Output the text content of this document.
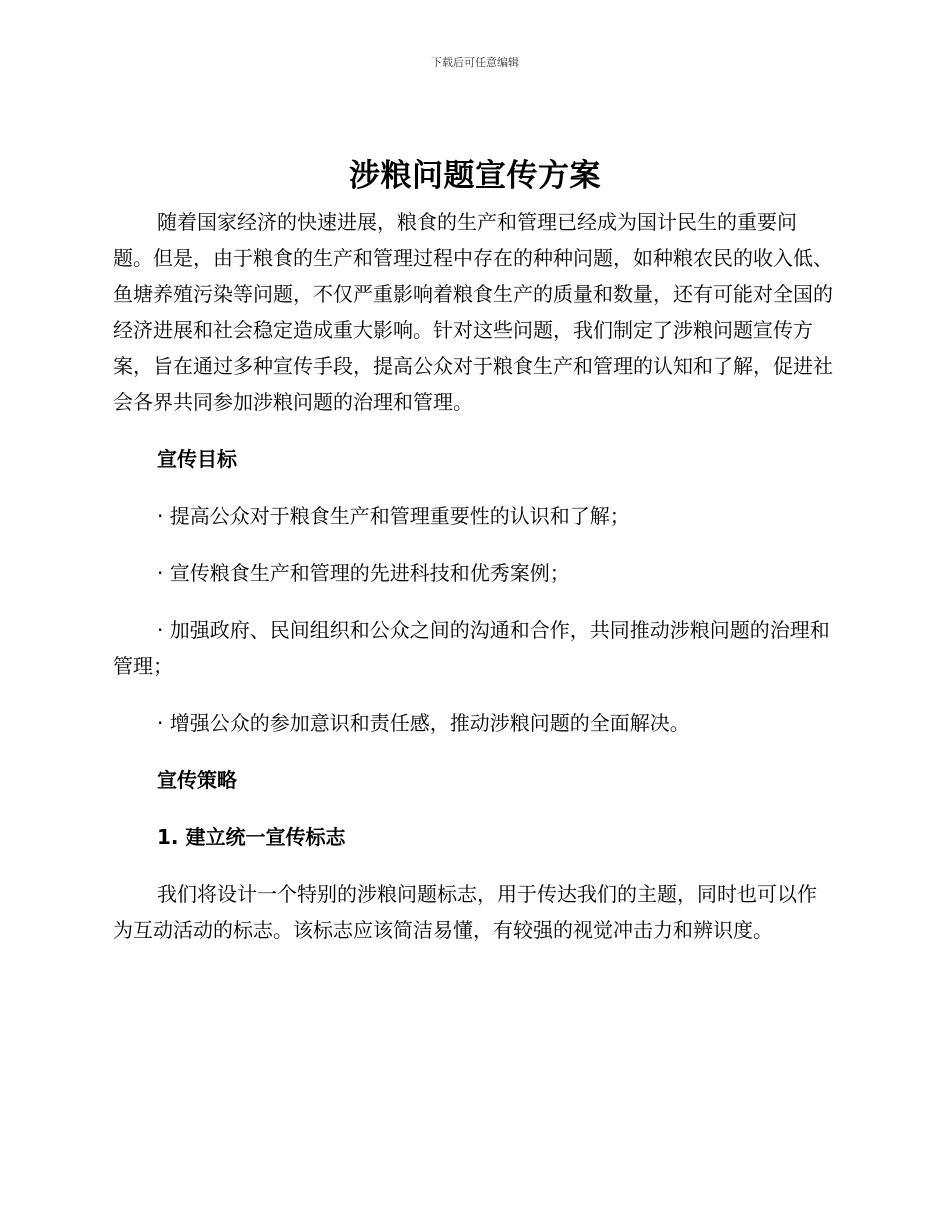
下载后可任意编辑
涉粮问题宣传方案

随着国家经济的快速进展，粮食的生产和管理已经成为国计民生的重要问题。但是，由于粮食的生产和管理过程中存在的种种问题，如种粮农民的收入低、鱼塘养殖污染等问题，不仅严重影响着粮食生产的质量和数量，还有可能对全国的经济进展和社会稳定造成重大影响。针对这些问题，我们制定了涉粮问题宣传方案，旨在通过多种宣传手段，提高公众对于粮食生产和管理的认知和了解，促进社会各界共同参加涉粮问题的治理和管理。

宣传目标

· 提高公众对于粮食生产和管理重要性的认识和了解；

· 宣传粮食生产和管理的先进科技和优秀案例；

· 加强政府、民间组织和公众之间的沟通和合作，共同推动涉粮问题的治理和管理；

· 增强公众的参加意识和责任感，推动涉粮问题的全面解决。

宣传策略

1. 建立统一宣传标志

我们将设计一个特别的涉粮问题标志，用于传达我们的主题，同时也可以作为互动活动的标志。该标志应该简洁易懂，有较强的视觉冲击力和辨识度。
